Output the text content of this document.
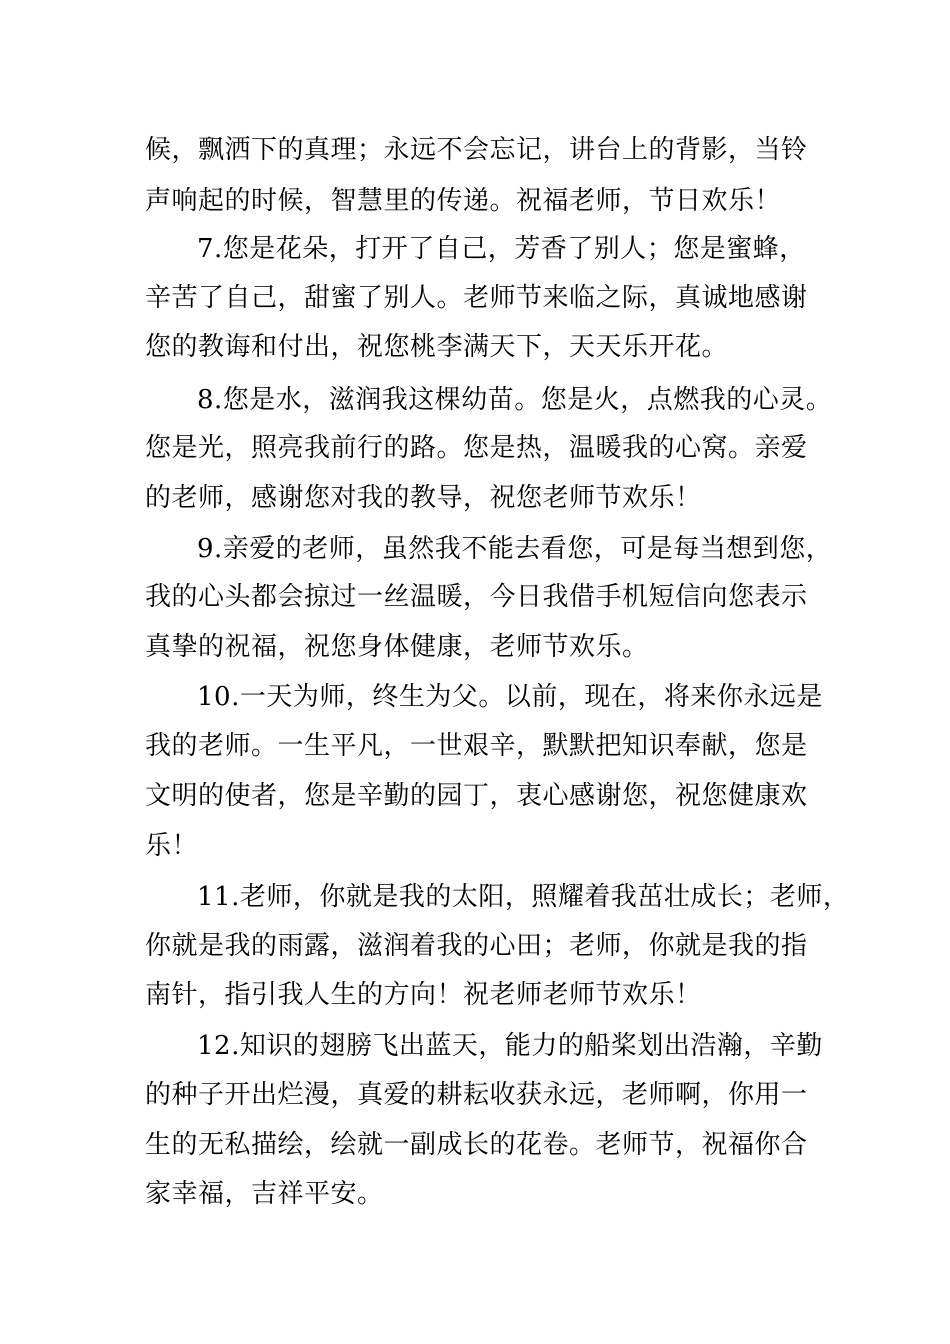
候，飘洒下的真理；永远不会忘记，讲台上的背影，当铃
声响起的时候，智慧里的传递。祝福老师，节日欢乐！
7.您是花朵，打开了自己，芳香了别人；您是蜜蜂，
辛苦了自己，甜蜜了别人。老师节来临之际，真诚地感谢
您的教诲和付出，祝您桃李满天下，天天乐开花。
8.您是水，滋润我这棵幼苗。您是火，点燃我的心灵。
您是光，照亮我前行的路。您是热，温暖我的心窝。亲爱
的老师，感谢您对我的教导，祝您老师节欢乐！
9.亲爱的老师，虽然我不能去看您，可是每当想到您，
我的心头都会掠过一丝温暖，今日我借手机短信向您表示
真挚的祝福，祝您身体健康，老师节欢乐。
10.一天为师，终生为父。以前，现在，将来你永远是
我的老师。一生平凡，一世艰辛，默默把知识奉献，您是
文明的使者，您是辛勤的园丁，衷心感谢您，祝您健康欢
乐！
11.老师，你就是我的太阳，照耀着我茁壮成长；老师，
你就是我的雨露，滋润着我的心田；老师，你就是我的指
南针，指引我人生的方向！祝老师老师节欢乐！
12.知识的翅膀飞出蓝天，能力的船桨划出浩瀚，辛勤
的种子开出烂漫，真爱的耕耘收获永远，老师啊，你用一
生的无私描绘，绘就一副成长的花卷。老师节，祝福你合
家幸福，吉祥平安。
